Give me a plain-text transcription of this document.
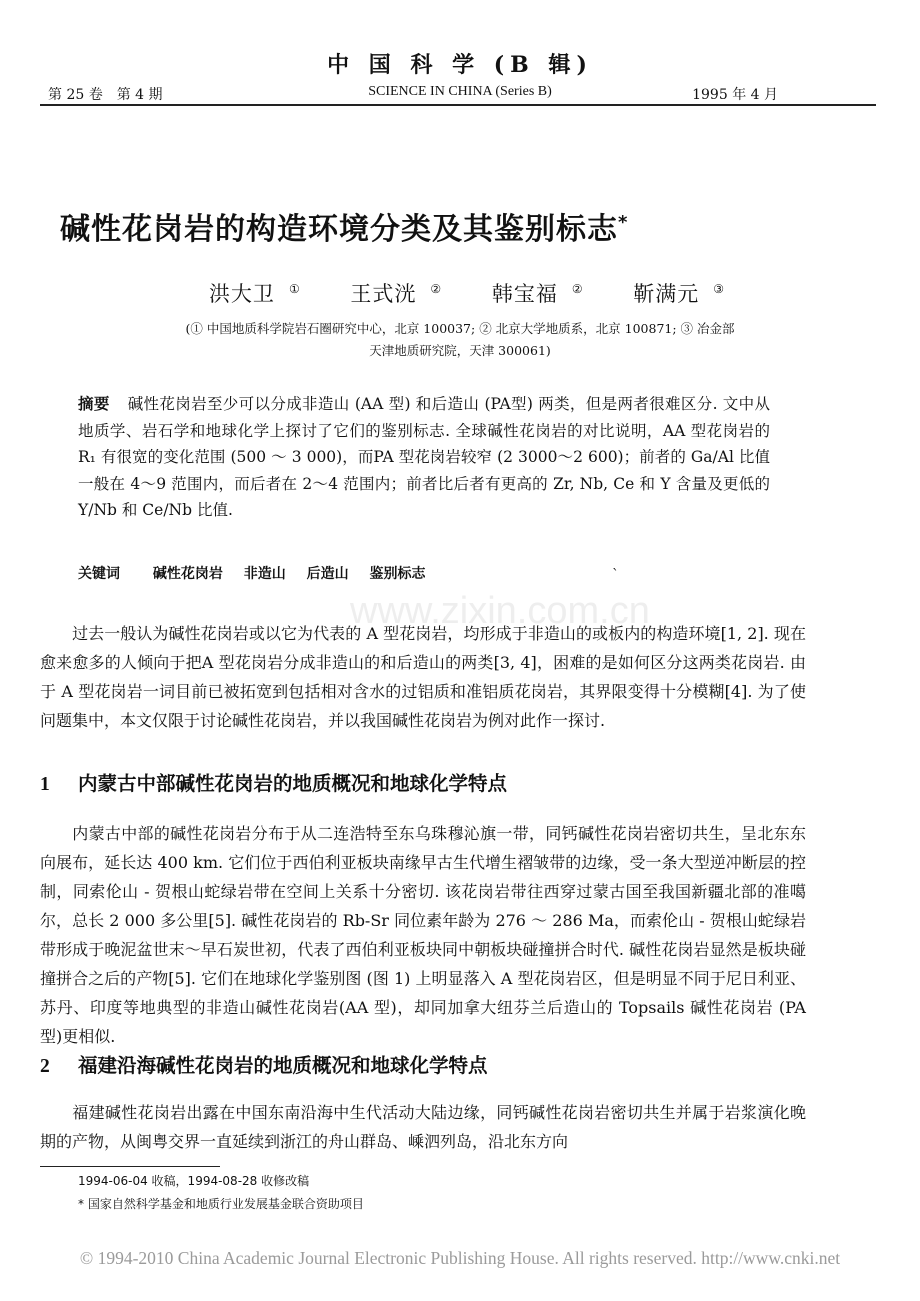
www.zixin.com.cn
中 国 科 学 (B 辑)
第 25 卷　第 4 期	SCIENCE IN CHINA (Series B)	1995 年 4 月
碱性花岗岩的构造环境分类及其鉴别标志*
洪大卫 ① 王式洸 ② 韩宝福 ② 靳满元 ③
(① 中国地质科学院岩石圈研究中心，北京 100037; ② 北京大学地质系，北京 100871; ③ 冶金部
天津地质研究院，天津 300061)
摘要 碱性花岗岩至少可以分成非造山 (AA 型) 和后造山 (PA型) 两类，但是两者很难区分. 文中从地质学、岩石学和地球化学上探讨了它们的鉴别标志. 全球碱性花岗岩的对比说明，AA 型花岗岩的 R₁ 有很宽的变化范围 (500 ～ 3 000)，而PA 型花岗岩较窄 (2 3000～2 600)；前者的 Ga/Al 比值一般在 4～9 范围内，而后者在 2～4 范围内；前者比后者有更高的 Zr, Nb, Ce 和 Y 含量及更低的 Y/Nb 和 Ce/Nb 比值.
关键词 碱性花岗岩 非造山 后造山 鉴别标志	ˋ
过去一般认为碱性花岗岩或以它为代表的 A 型花岗岩，均形成于非造山的或板内的构造环境[1, 2]. 现在愈来愈多的人倾向于把A 型花岗岩分成非造山的和后造山的两类[3, 4]，困难的是如何区分这两类花岗岩. 由于 A 型花岗岩一词目前已被拓宽到包括相对含水的过铝质和准铝质花岗岩，其界限变得十分模糊[4]. 为了使问题集中，本文仅限于讨论碱性花岗岩，并以我国碱性花岗岩为例对此作一探讨.
1 内蒙古中部碱性花岗岩的地质概况和地球化学特点
内蒙古中部的碱性花岗岩分布于从二连浩特至东乌珠穆沁旗一带，同钙碱性花岗岩密切共生，呈北东东向展布，延长达 400 km. 它们位于西伯利亚板块南缘早古生代增生褶皱带的边缘，受一条大型逆冲断层的控制，同索伦山 - 贺根山蛇绿岩带在空间上关系十分密切. 该花岗岩带往西穿过蒙古国至我国新疆北部的准噶尔，总长 2 000 多公里[5]. 碱性花岗岩的 Rb-Sr 同位素年龄为 276 ～ 286 Ma，而索伦山 - 贺根山蛇绿岩带形成于晚泥盆世末～早石炭世初，代表了西伯利亚板块同中朝板块碰撞拼合时代. 碱性花岗岩显然是板块碰撞拼合之后的产物[5]. 它们在地球化学鉴别图 (图 1) 上明显落入 A 型花岗岩区，但是明显不同于尼日利亚、苏丹、印度等地典型的非造山碱性花岗岩(AA 型)，却同加拿大纽芬兰后造山的 Topsails 碱性花岗岩 (PA 型)更相似.
2 福建沿海碱性花岗岩的地质概况和地球化学特点
福建碱性花岗岩出露在中国东南沿海中生代活动大陆边缘，同钙碱性花岗岩密切共生并属于岩浆演化晚期的产物，从闽粤交界一直延续到浙江的舟山群岛、嵊泗列岛，沿北东方向
1994-06-04 收稿，1994-08-28 收修改稿
* 国家自然科学基金和地质行业发展基金联合资助项目
© 1994-2010 China Academic Journal Electronic Publishing House. All rights reserved. http://www.cnki.net
